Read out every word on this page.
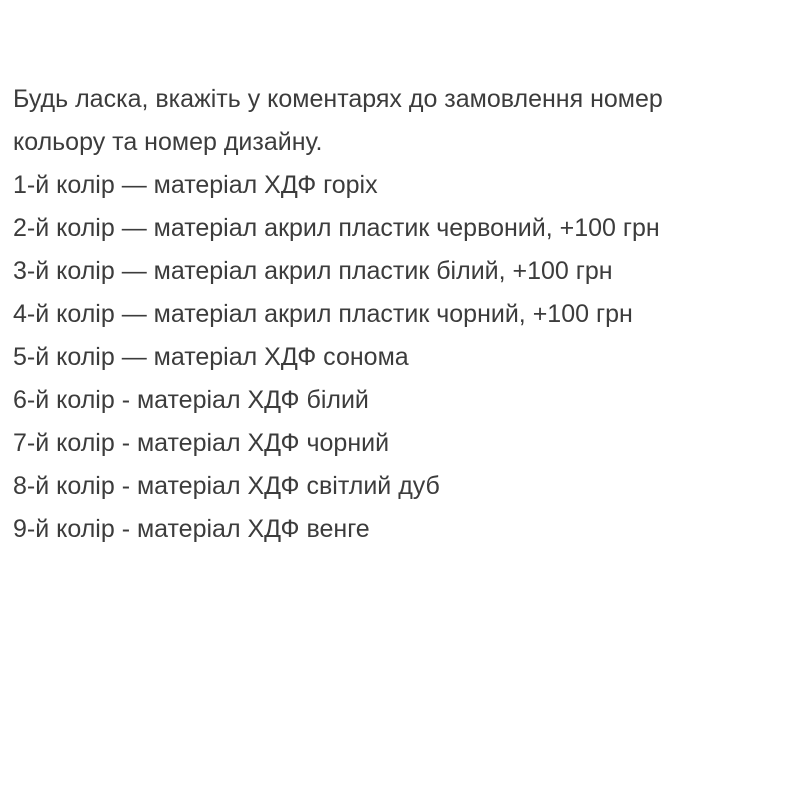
Будь ласка, вкажіть у коментарях до замовлення номер

кольору та номер дизайну.

1-й колір — матеріал ХДФ горіх

2-й колір — матеріал акрил пластик червоний, +100 грн

3-й колір — матеріал акрил пластик білий, +100 грн

4-й колір — матеріал акрил пластик чорний, +100 грн

5-й колір — матеріал ХДФ сонома

6-й колір - матеріал ХДФ білий

7-й колір - матеріал ХДФ чорний

8-й колір - матеріал ХДФ світлий дуб

9-й колір - матеріал ХДФ венге
